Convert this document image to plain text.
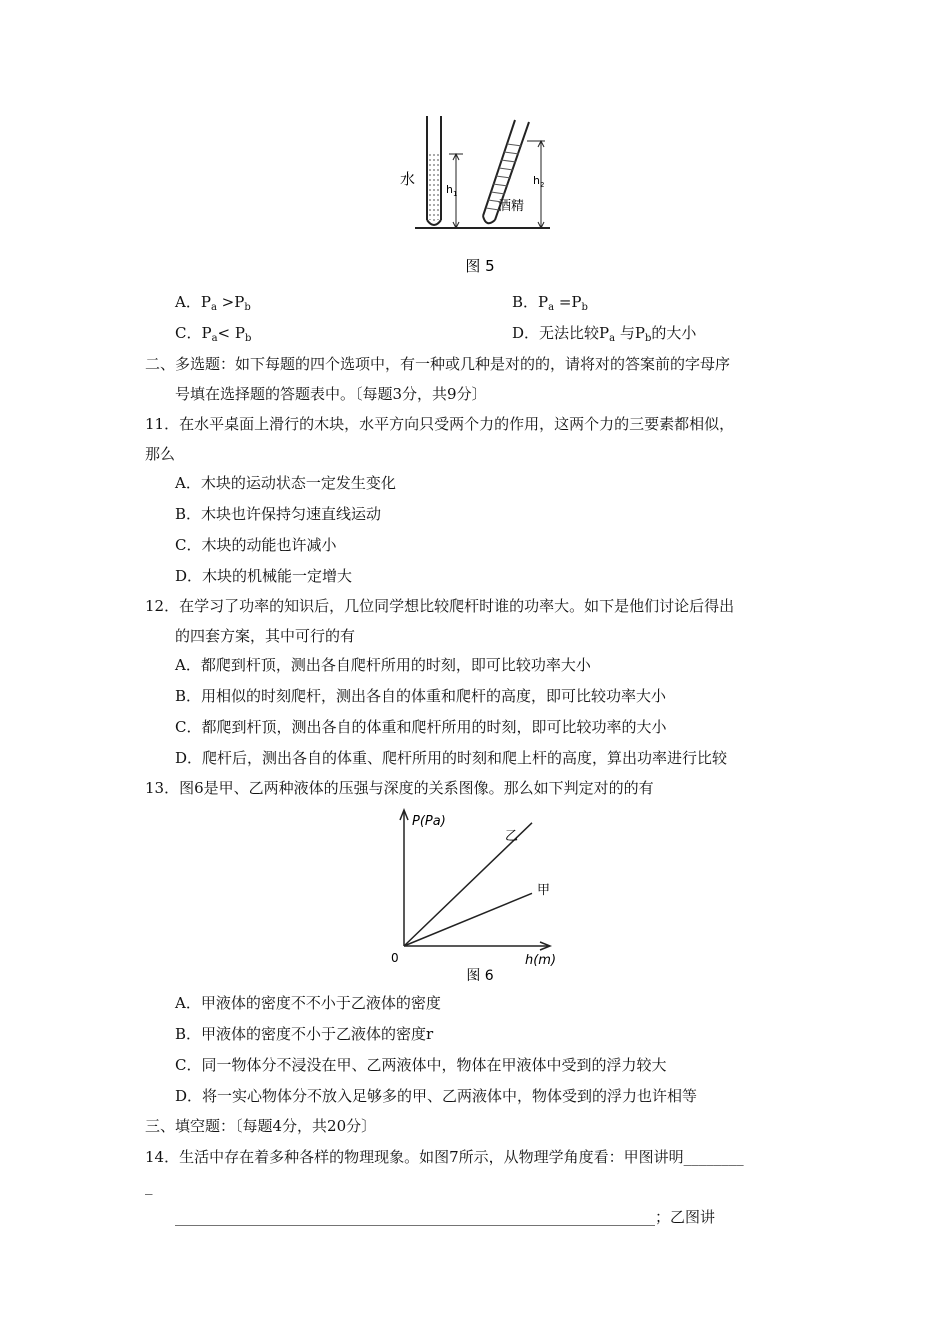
$h_1$
水	$h_2$
酒精
图 5
A．$P_a >P_b$	B．$P_a =P_b$
C．$P_a< P_b$	D．无法比较$P_a$ 与$P_b$的大小
二、多选题：如下每题的四个选项中，有一种或几种是对的的，请将对的答案前的字母序
号填在选择题的答题表中。〔每题3分，共9分〕
11．在水平桌面上滑行的木块，水平方向只受两个力的作用，这两个力的三要素都相似，
那么
A．木块的运动状态一定发生变化
B．木块也许保持匀速直线运动
C．木块的动能也许减小
D．木块的机械能一定增大
12．在学习了功率的知识后，几位同学想比较爬杆时谁的功率大。如下是他们讨论后得出
的四套方案，其中可行的有
A．都爬到杆顶，测出各自爬杆所用的时刻，即可比较功率大小
B．用相似的时刻爬杆，测出各自的体重和爬杆的高度，即可比较功率大小
C．都爬到杆顶，测出各自的体重和爬杆所用的时刻，即可比较功率的大小
D．爬杆后，测出各自的体重、爬杆所用的时刻和爬上杆的高度，算出功率进行比较
13．图6是甲、乙两种液体的压强与深度的关系图像。那么如下判定对的的有
P(Pa)
h(m)
0
乙
甲
图 6
A．甲液体的密度不不小于乙液体的密度
B．甲液体的密度不小于乙液体的密度r
C．同一物体分不浸没在甲、乙两液体中，物体在甲液体中受到的浮力较大
D．将一实心物体分不放入足够多的甲、乙两液体中，物体受到的浮力也许相等
三、填空题：〔每题4分，共20分〕
14．生活中存在着多种各样的物理现象。如图7所示，从物理学角度看：甲图讲明________
_
________________________________________________________________；乙图讲
